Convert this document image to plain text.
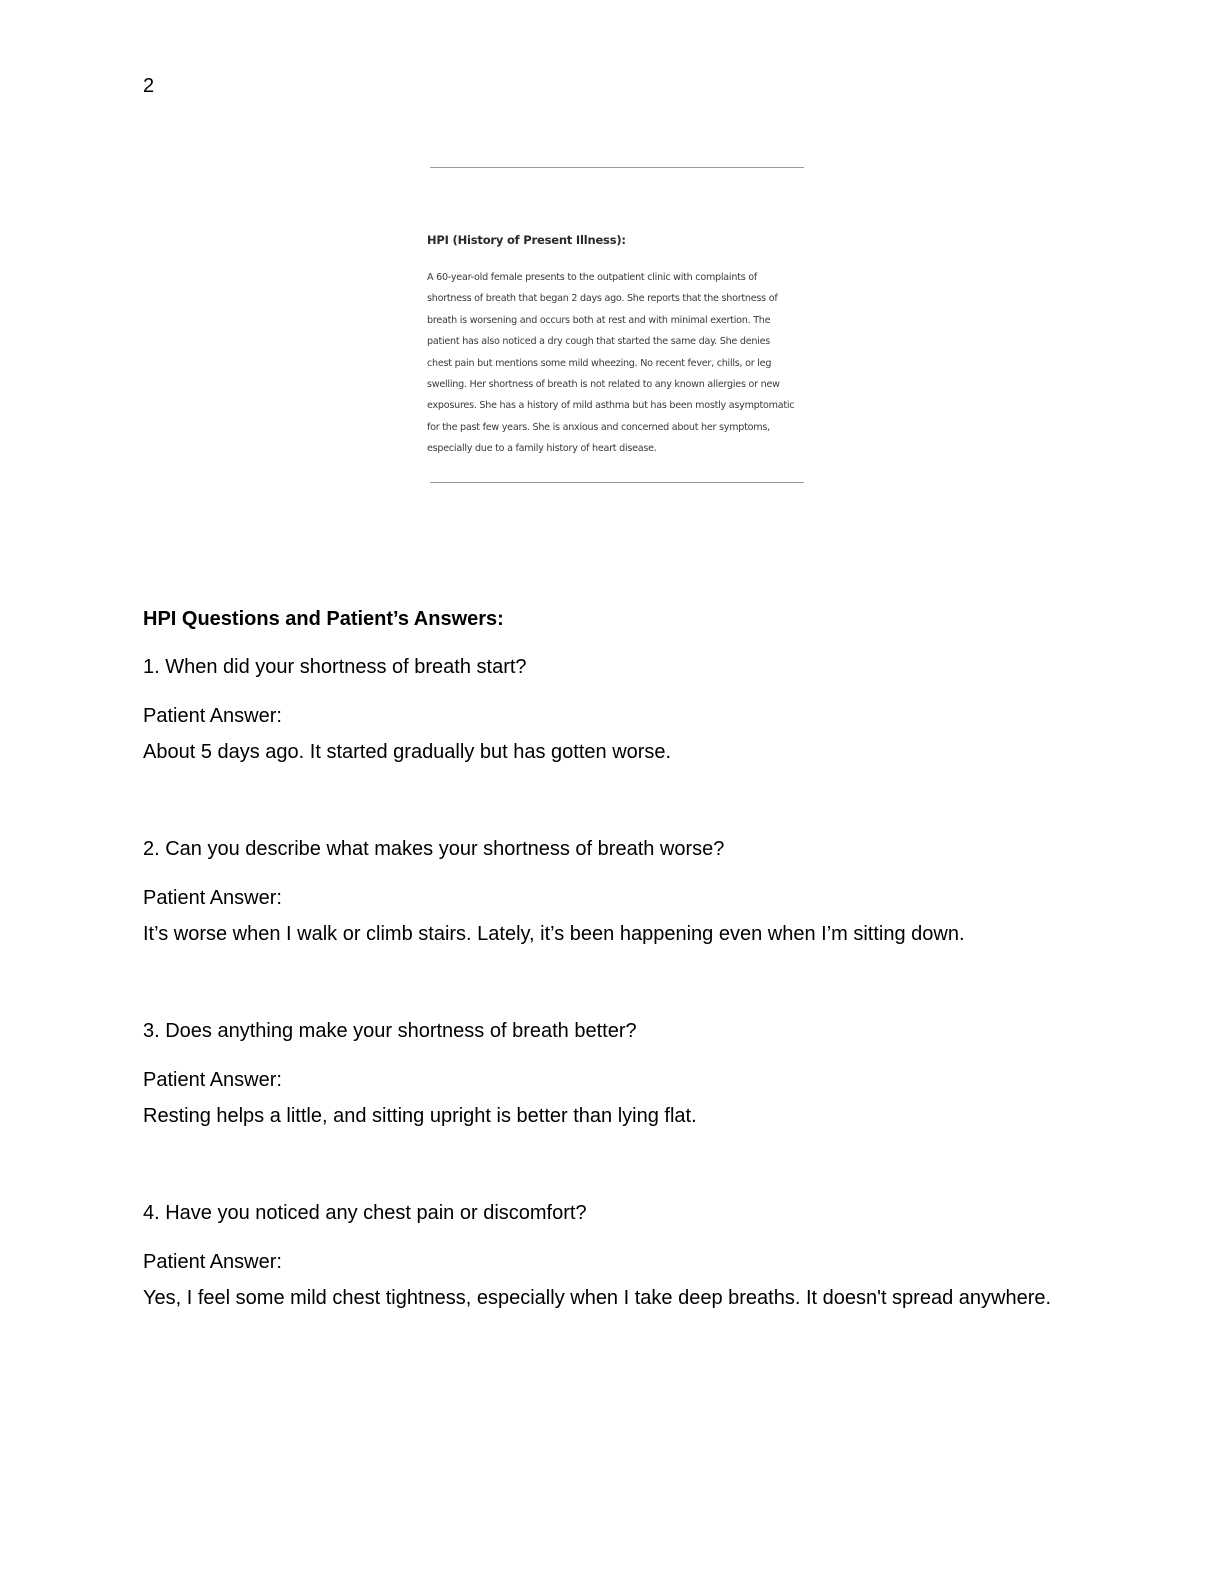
2
HPI (History of Present Illness):
A 60-year-old female presents to the outpatient clinic with complaints of
shortness of breath that began 2 days ago. She reports that the shortness of
breath is worsening and occurs both at rest and with minimal exertion. The
patient has also noticed a dry cough that started the same day. She denies
chest pain but mentions some mild wheezing. No recent fever, chills, or leg
swelling. Her shortness of breath is not related to any known allergies or new
exposures. She has a history of mild asthma but has been mostly asymptomatic
for the past few years. She is anxious and concerned about her symptoms,
especially due to a family history of heart disease.
HPI Questions and Patient’s Answers:
1. When did your shortness of breath start?
Patient Answer:
About 5 days ago. It started gradually but has gotten worse.
2. Can you describe what makes your shortness of breath worse?
Patient Answer:
It’s worse when I walk or climb stairs. Lately, it’s been happening even when I’m sitting down.
3. Does anything make your shortness of breath better?
Patient Answer:
Resting helps a little, and sitting upright is better than lying flat.
4. Have you noticed any chest pain or discomfort?
Patient Answer:
Yes, I feel some mild chest tightness, especially when I take deep breaths. It doesn't spread anywhere.
